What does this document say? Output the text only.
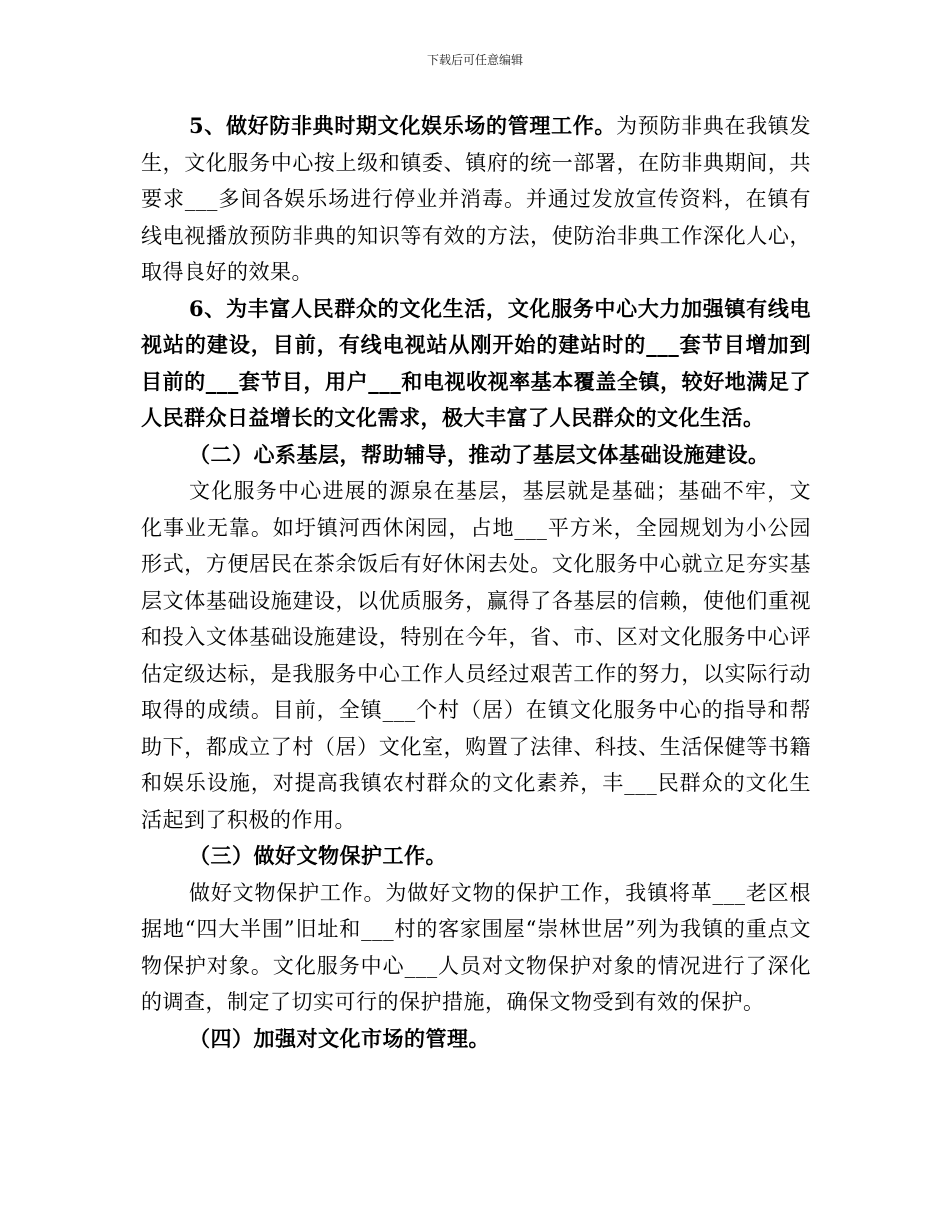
下载后可任意编辑

5、做好防非典时期文化娱乐场的管理工作。为预防非典在我镇发生，文化服务中心按上级和镇委、镇府的统一部署，在防非典期间，共要求___多间各娱乐场进行停业并消毒。并通过发放宣传资料，在镇有线电视播放预防非典的知识等有效的方法，使防治非典工作深化人心，取得良好的效果。

6、为丰富人民群众的文化生活，文化服务中心大力加强镇有线电视站的建设，目前，有线电视站从刚开始的建站时的___套节目增加到目前的___套节目，用户___和电视收视率基本覆盖全镇，较好地满足了人民群众日益增长的文化需求，极大丰富了人民群众的文化生活。

（二）心系基层，帮助辅导，推动了基层文体基础设施建设。

文化服务中心进展的源泉在基层，基层就是基础；基础不牢，文化事业无靠。如圩镇河西休闲园，占地___平方米，全园规划为小公园形式，方便居民在茶余饭后有好休闲去处。文化服务中心就立足夯实基层文体基础设施建设，以优质服务，赢得了各基层的信赖，使他们重视和投入文体基础设施建设，特别在今年，省、市、区对文化服务中心评估定级达标，是我服务中心工作人员经过艰苦工作的努力，以实际行动取得的成绩。目前，全镇___个村（居）在镇文化服务中心的指导和帮助下，都成立了村（居）文化室，购置了法律、科技、生活保健等书籍和娱乐设施，对提高我镇农村群众的文化素养，丰___民群众的文化生活起到了积极的作用。

（三）做好文物保护工作。

做好文物保护工作。为做好文物的保护工作，我镇将革___老区根据地“四大半围”旧址和___村的客家围屋“崇林世居”列为我镇的重点文物保护对象。文化服务中心___人员对文物保护对象的情况进行了深化的调查，制定了切实可行的保护措施，确保文物受到有效的保护。

（四）加强对文化市场的管理。
